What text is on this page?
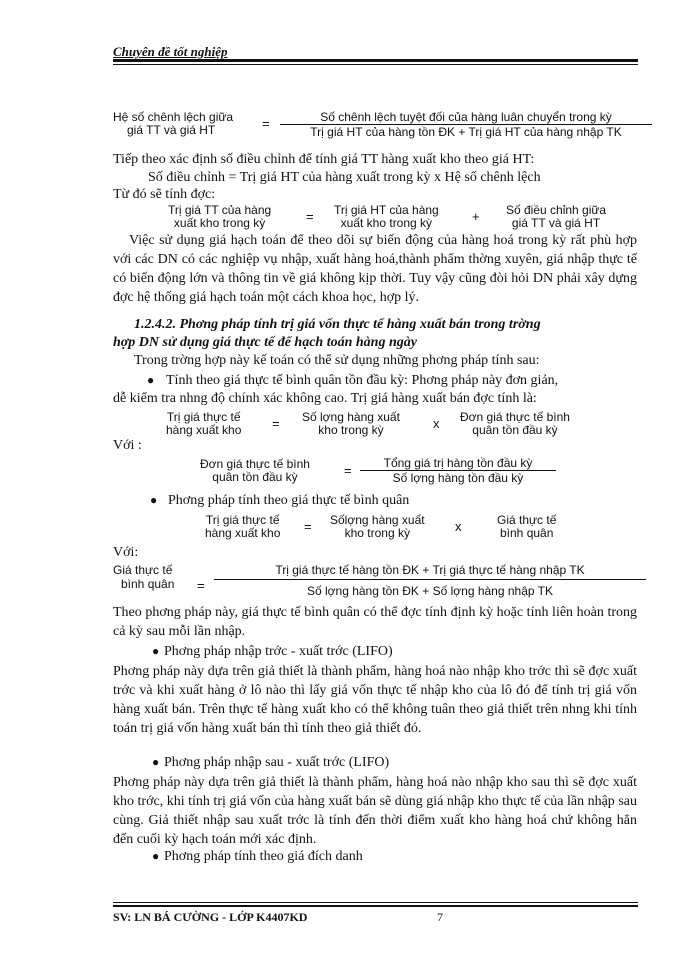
Chuyên đề tốt nghiệp
Hệ số chênh lệch giữa
giá TT và giá HT	=	Số chênh lệch tuyệt đối của hàng luân chuyển trong kỳ
Trị giá HT của hàng tồn ĐK + Trị giá HT của hàng nhập TK
Tiếp theo xác định số điều chỉnh để tính giá TT hàng xuất kho theo giá HT:
Số điều chỉnh = Trị giá HT của hàng xuất trong kỳ x Hệ số chênh lệch
Từ đó sẽ tính đợc:
Trị giá TT của hàng
xuất kho trong kỳ	= Trị giá HT của hàng
xuất kho trong kỳ	+ Số điều chỉnh giữa
giá TT và giá HT
Việc sử dụng giá hạch toán để theo dõi sự biến động của hàng hoá trong kỳ rất phù hợp với các DN có các nghiệp vụ nhập, xuất hàng hoá,thành phẩm thờng xuyên, giá nhập thực tế có biến động lớn và thông tin về giá không kịp thời. Tuy vậy cũng đòi hỏi DN phải xây dựng đợc hệ thống giá hạch toán một cách khoa học, hợp lý.
1.2.4.2. Phơng pháp tính trị giá vốn thực tế hàng xuất bán trong trờng
hợp DN sử dụng giá thực tế để hạch toán hàng ngày
Trong trờng hợp này kế toán có thể sử dụng những phơng pháp tính sau:
● Tính theo giá thực tế bình quân tồn đầu kỳ: Phơng pháp này đơn giản,
dễ kiểm tra nhng độ chính xác không cao. Trị giá hàng xuất bán đợc tính là:
Trị giá thực tế
hàng xuất kho = Số lợng hàng xuất
kho trong kỳ	x Đơn giá thực tế bình
quân tồn đầu kỳ
Với :
Đơn giá thực tế bình
quân tồn đầu kỳ	=	Tổng giá trị hàng tồn đầu kỳ
Số lợng hàng tồn đầu kỳ
● Phơng pháp tính theo giá thực tế bình quân
Trị giá thực tế
hàng xuất kho = Sốlợng hàng xuất
kho trong kỳ	x	Giá thực tế
bình quân
Với:
Giá thực tế
bình quân =
Trị giá thực tế hàng tồn ĐK + Trị giá thực tế hàng nhập TK
Số lợng hàng tồn ĐK + Số lợng hàng nhập TK
Theo phơng pháp này, giá thực tế bình quân có thể đợc tính định kỳ hoặc tính liên hoàn trong cả kỳ sau mỗi lần nhập.
● Phơng pháp nhập trớc - xuất trớc (LIFO)
Phơng pháp này dựa trên giả thiết là thành phẩm, hàng hoá nào nhập kho trớc thì sẽ đợc xuất trớc và khi xuất hàng ở lô nào thì lấy giá vốn thực tế nhập kho của lô đó để tính trị giá vốn hàng xuất bán. Trên thực tế hàng xuất kho có thể không tuân theo giả thiết trên nhng khi tính toán trị giá vốn hàng xuất bán thì tính theo giả thiết đó.
● Phơng pháp nhập sau - xuất trớc (LIFO)
Phơng pháp này dựa trên giả thiết là thành phẩm, hàng hoá nào nhập kho sau thì sẽ đợc xuất kho trớc, khi tính trị giá vốn của hàng xuất bán sẽ dùng giá nhập kho thực tế của lần nhập sau cùng. Giả thiết nhập sau xuất trớc là tính đến thời điểm xuất kho hàng hoá chứ không hẳn đến cuối kỳ hạch toán mới xác định.
● Phơng pháp tính theo giá đích danh
SV: LN BÁ CƯỜNG - LỚP K4407KD	7
